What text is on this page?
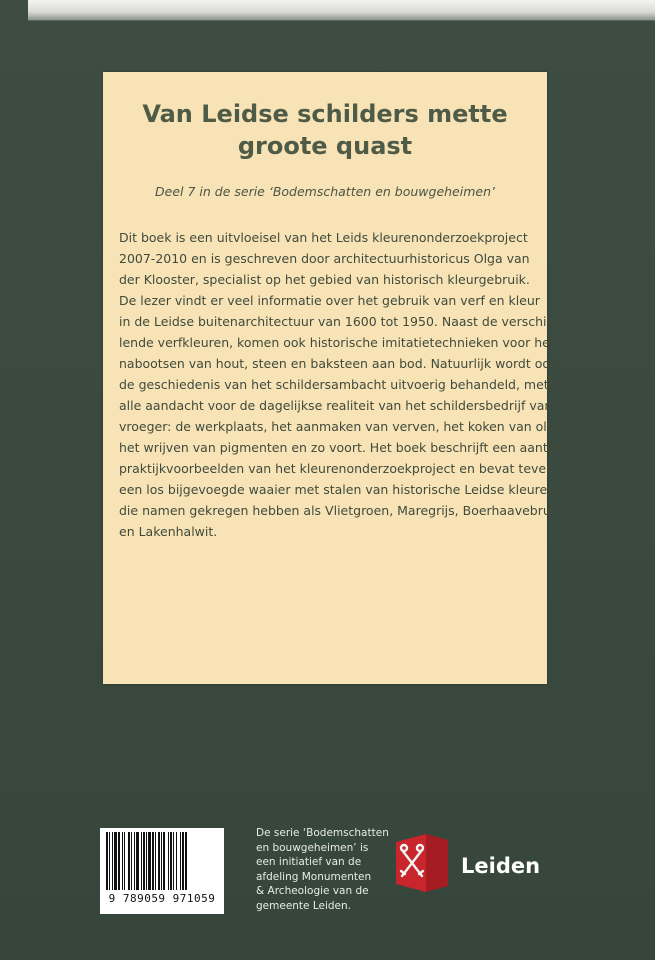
Van Leidse schilders mette
groote quast

Deel 7 in de serie ‘Bodemschatten en bouwgeheimen’

Dit boek is een uitvloeisel van het Leids kleurenonderzoekproject
2007-2010 en is geschreven door architectuurhistoricus Olga van
der Klooster, specialist op het gebied van historisch kleurgebruik.
De lezer vindt er veel informatie over het gebruik van verf en kleur
in de Leidse buitenarchitectuur van 1600 tot 1950. Naast de verschil-
lende verfkleuren, komen ook historische imitatietechnieken voor het
nabootsen van hout, steen en baksteen aan bod. Natuurlijk wordt ook
de geschiedenis van het schildersambacht uitvoerig behandeld, met
alle aandacht voor de dagelijkse realiteit van het schildersbedrijf van
vroeger: de werkplaats, het aanmaken van verven, het koken van olie,
het wrijven van pigmenten en zo voort. Het boek beschrijft een aantal
praktijkvoorbeelden van het kleurenonderzoekproject en bevat tevens
een los bijgevoegde waaier met stalen van historische Leidse kleuren
die namen gekregen hebben als Vlietgroen, Maregrijs, Boerhaavebruin
en Lakenhalwit.

9 789059 971059

De serie ‘Bodemschatten
en bouwgeheimen’ is
een initiatief van de
afdeling Monumenten
& Archeologie van de
gemeente Leiden.

Leiden
